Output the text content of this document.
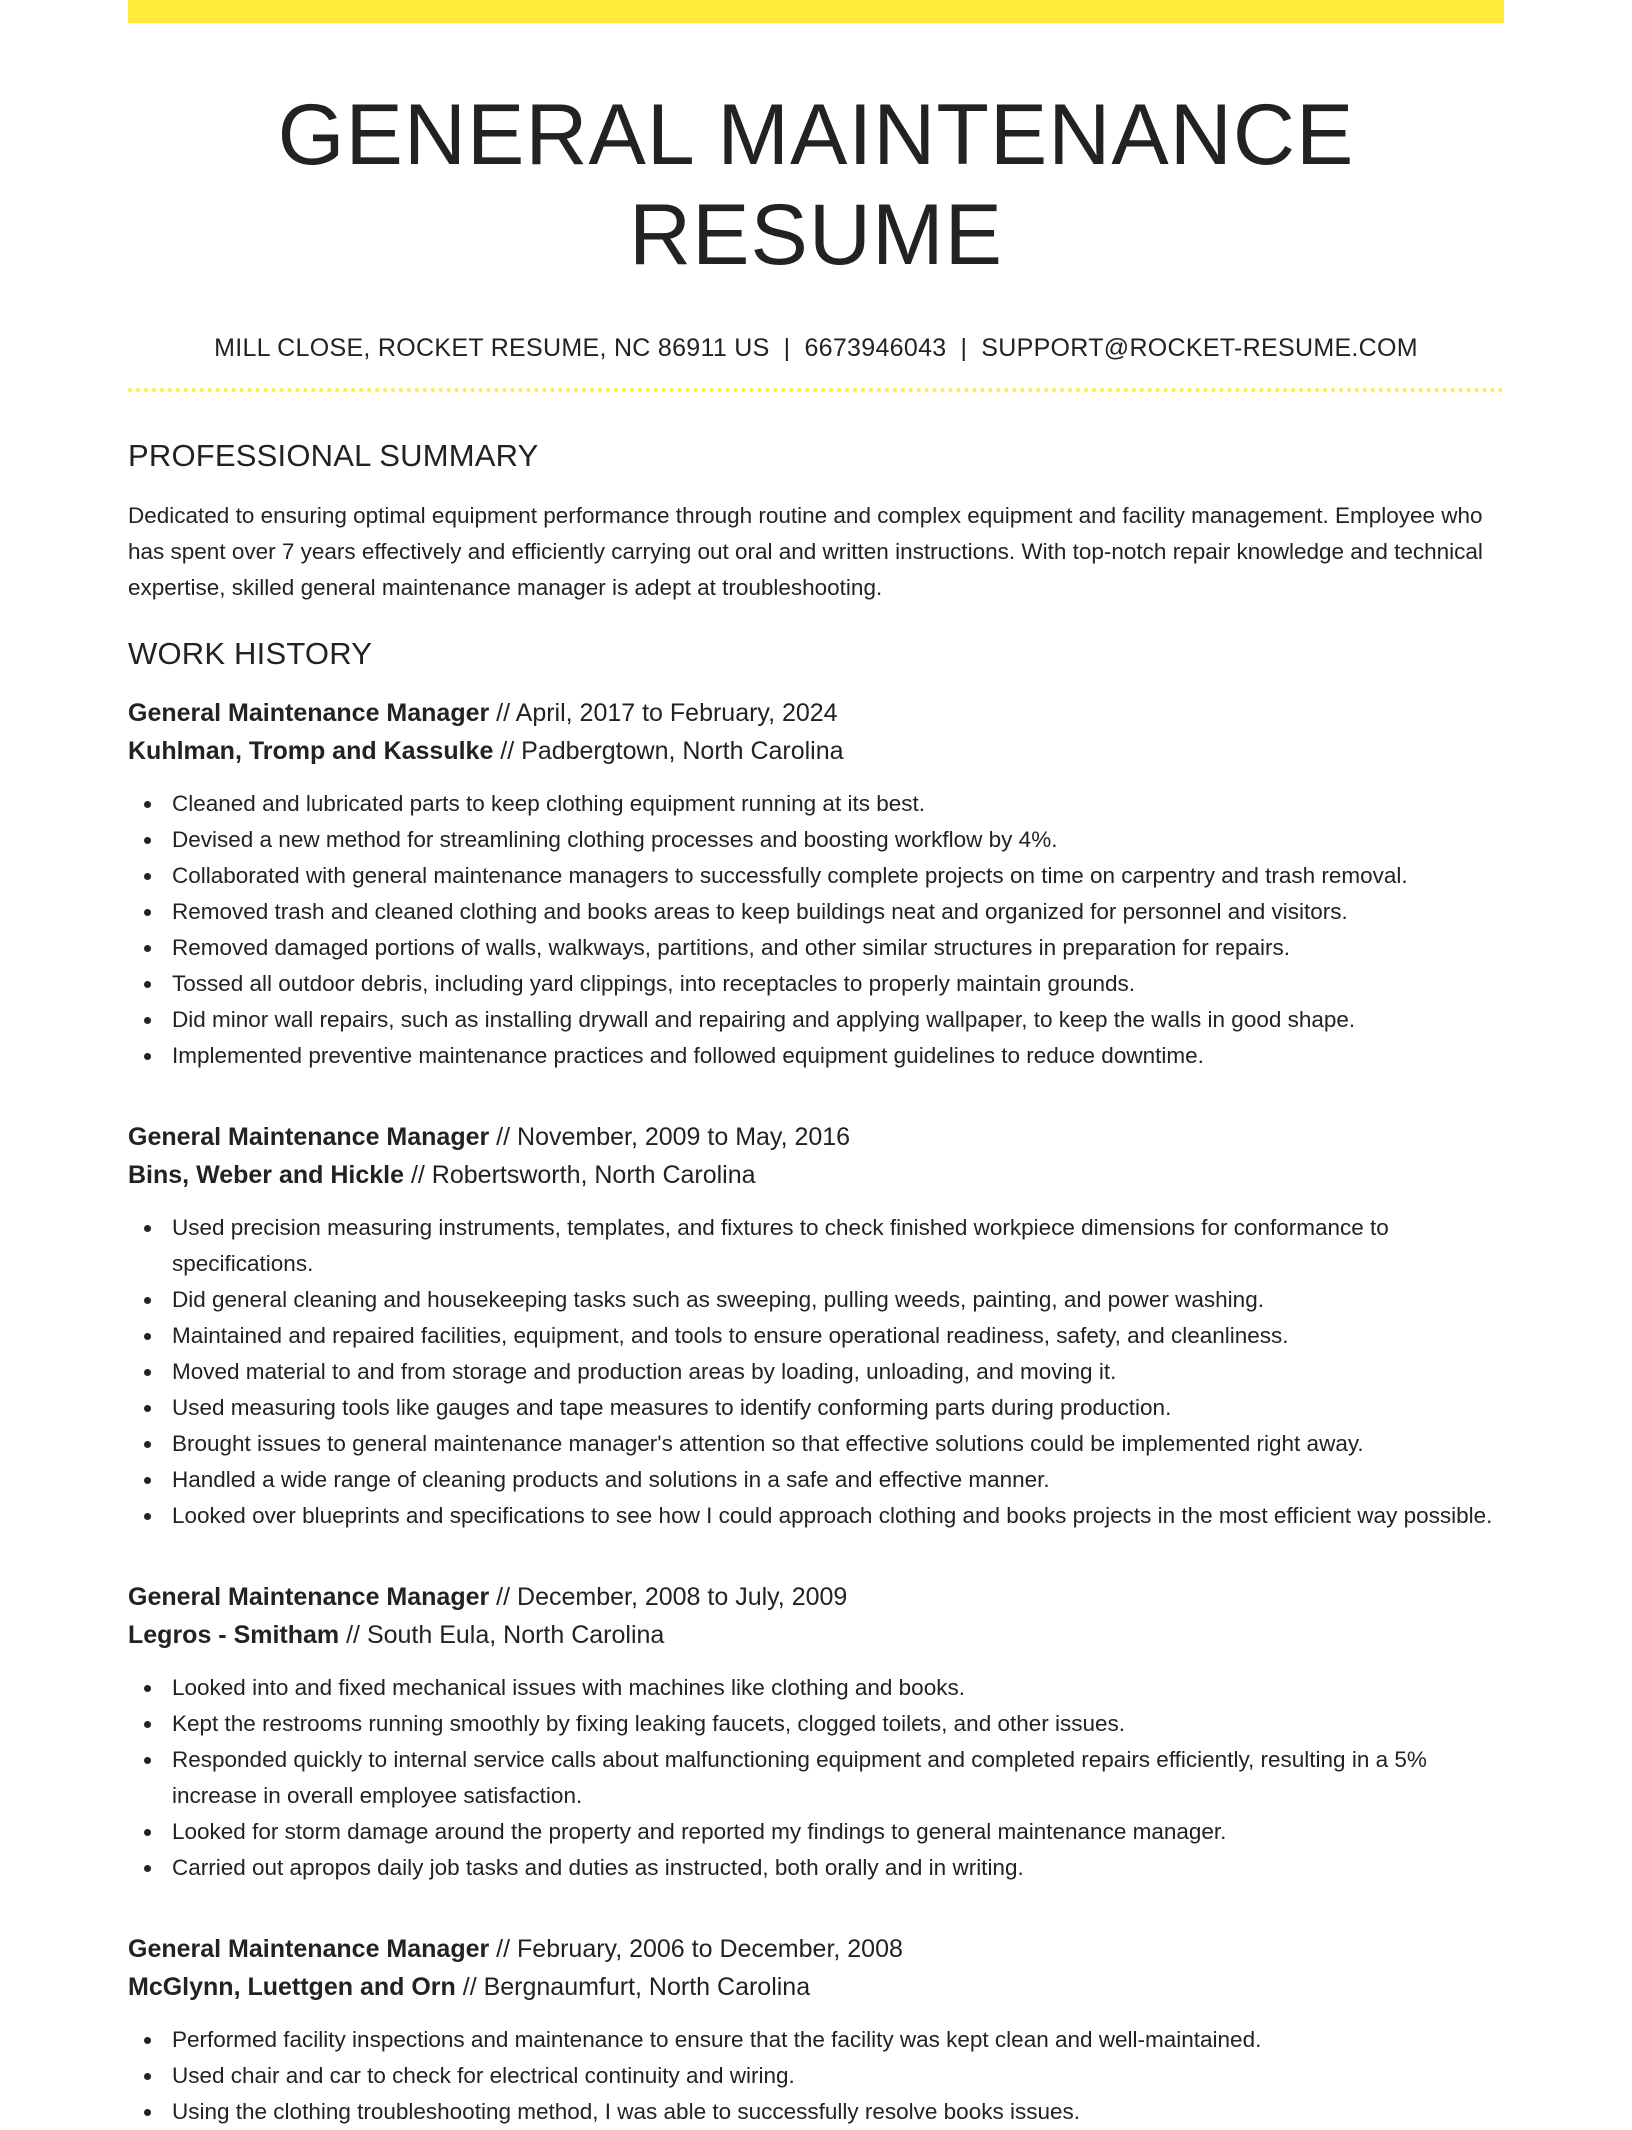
GENERAL MAINTENANCE RESUME
MILL CLOSE, ROCKET RESUME, NC 86911 US | 6673946043 | SUPPORT@ROCKET-RESUME.COM
PROFESSIONAL SUMMARY

Dedicated to ensuring optimal equipment performance through routine and complex equipment and facility management. Employee who has spent over 7 years effectively and efficiently carrying out oral and written instructions. With top-notch repair knowledge and technical expertise, skilled general maintenance manager is adept at troubleshooting.

WORK HISTORY
General Maintenance Manager // April, 2017 to February, 2024
Kuhlman, Tromp and Kassulke // Padbergtown, North Carolina
Cleaned and lubricated parts to keep clothing equipment running at its best.
Devised a new method for streamlining clothing processes and boosting workflow by 4%.
Collaborated with general maintenance managers to successfully complete projects on time on carpentry and trash removal.
Removed trash and cleaned clothing and books areas to keep buildings neat and organized for personnel and visitors.
Removed damaged portions of walls, walkways, partitions, and other similar structures in preparation for repairs.
Tossed all outdoor debris, including yard clippings, into receptacles to properly maintain grounds.
Did minor wall repairs, such as installing drywall and repairing and applying wallpaper, to keep the walls in good shape.
Implemented preventive maintenance practices and followed equipment guidelines to reduce downtime.
General Maintenance Manager // November, 2009 to May, 2016
Bins, Weber and Hickle // Robertsworth, North Carolina
Used precision measuring instruments, templates, and fixtures to check finished workpiece dimensions for conformance to specifications.
Did general cleaning and housekeeping tasks such as sweeping, pulling weeds, painting, and power washing.
Maintained and repaired facilities, equipment, and tools to ensure operational readiness, safety, and cleanliness.
Moved material to and from storage and production areas by loading, unloading, and moving it.
Used measuring tools like gauges and tape measures to identify conforming parts during production.
Brought issues to general maintenance manager's attention so that effective solutions could be implemented right away.
Handled a wide range of cleaning products and solutions in a safe and effective manner.
Looked over blueprints and specifications to see how I could approach clothing and books projects in the most efficient way possible.
General Maintenance Manager // December, 2008 to July, 2009
Legros - Smitham // South Eula, North Carolina
Looked into and fixed mechanical issues with machines like clothing and books.
Kept the restrooms running smoothly by fixing leaking faucets, clogged toilets, and other issues.
Responded quickly to internal service calls about malfunctioning equipment and completed repairs efficiently, resulting in a 5% increase in overall employee satisfaction.
Looked for storm damage around the property and reported my findings to general maintenance manager.
Carried out apropos daily job tasks and duties as instructed, both orally and in writing.
General Maintenance Manager // February, 2006 to December, 2008
McGlynn, Luettgen and Orn // Bergnaumfurt, North Carolina
Performed facility inspections and maintenance to ensure that the facility was kept clean and well-maintained.
Used chair and car to check for electrical continuity and wiring.
Using the clothing troubleshooting method, I was able to successfully resolve books issues.
